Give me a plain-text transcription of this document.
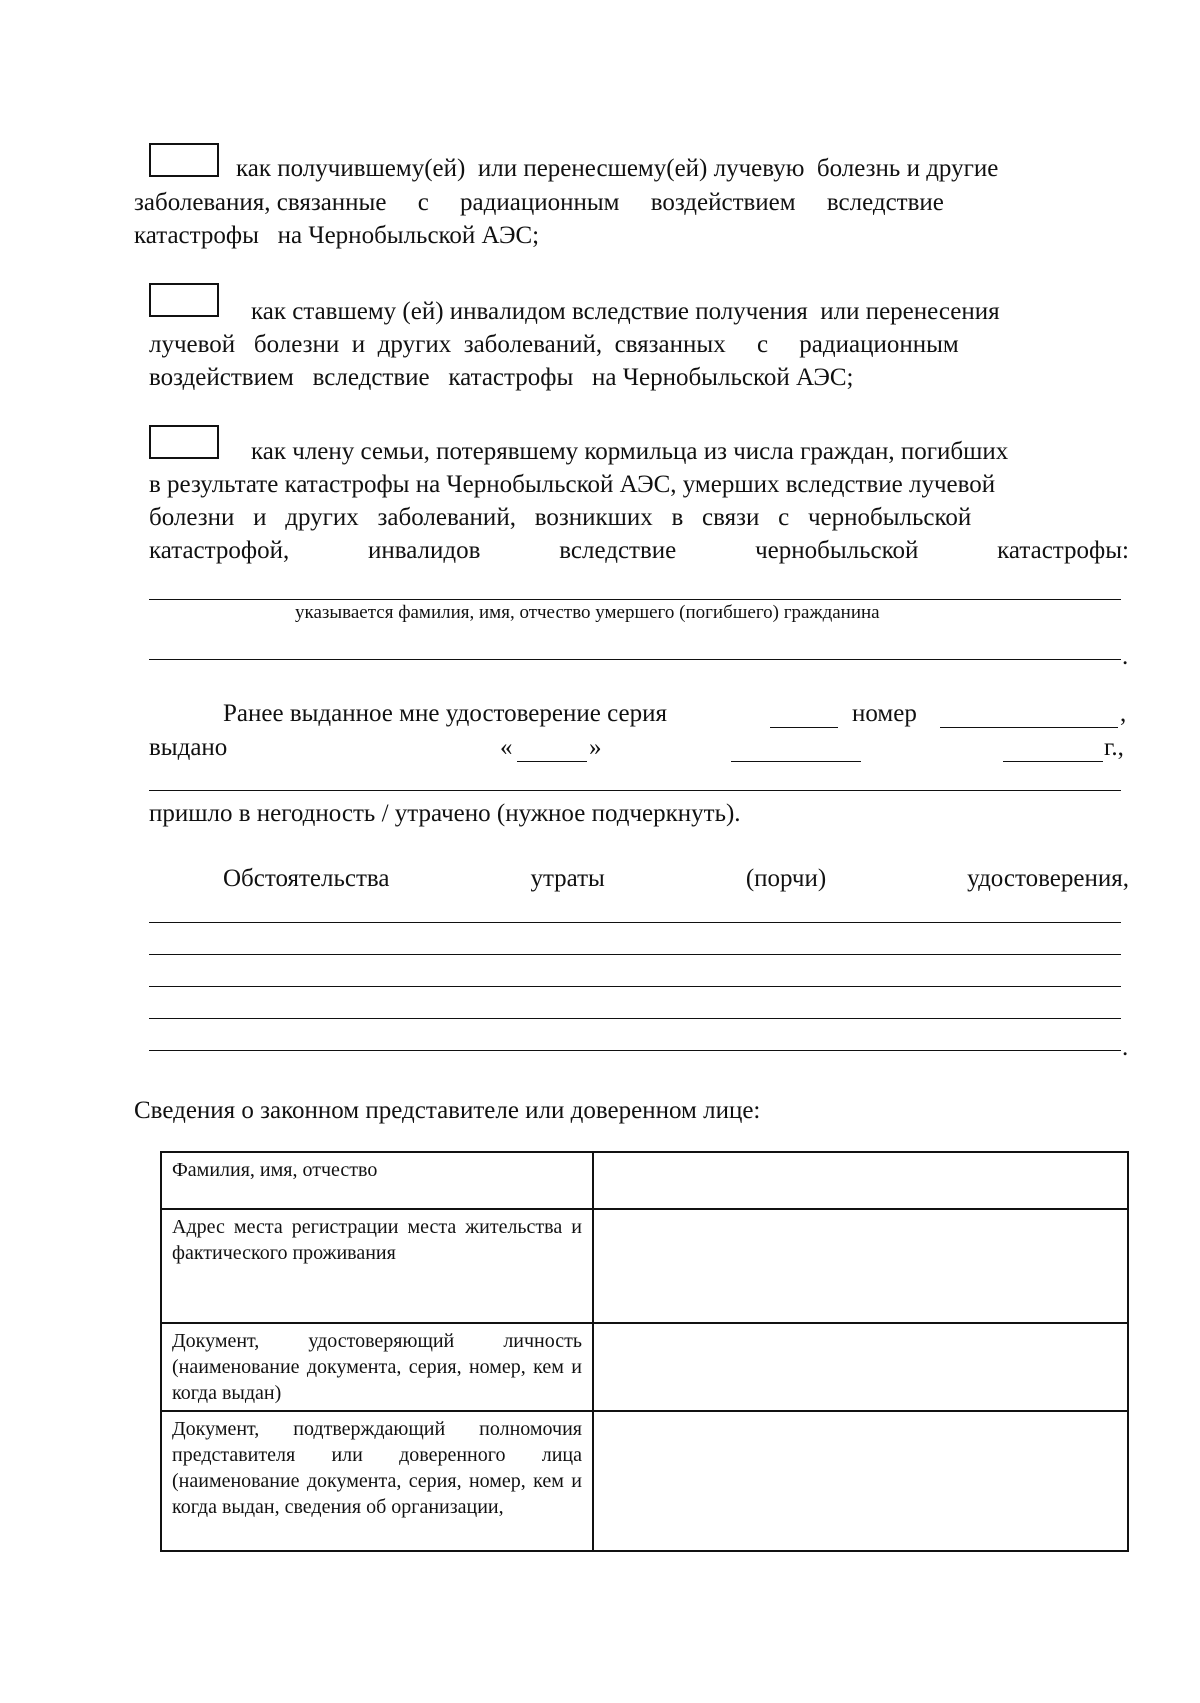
как получившему(ей)  или перенесшему(ей) лучевую  болезнь и другие
заболевания, связанные     с     радиационным     воздействием     вследствие
катастрофы   на Чернобыльской АЭС;
как ставшему (ей) инвалидом вследствие получения  или перенесения
лучевой   болезни  и  других  заболеваний,  связанных     с     радиационным
воздействием   вследствие   катастрофы   на Чернобыльской АЭС;
как члену семьи, потерявшему кормильца из числа граждан, погибших
в результате катастрофы на Чернобыльской АЭС, умерших вследствие лучевой
болезни   и   других   заболеваний,   возникших   в   связи   с   чернобыльской
катастрофой,	инвалидов	вследствие	чернобыльской	катастрофы:
указывается фамилия, имя, отчество умершего (погибшего) гражданина
.
Ранее выданное мне удостоверение серия	номер	,
выдано	«	»	г.,
пришло в негодность / утрачено (нужное подчеркнуть).
Обстоятельства	утраты	(порчи)	удостоверения,
.
Сведения о законном представителе или доверенном лице:
Фамилия, имя, отчество	
Адрес места регистрации места жительства и фактического проживания	
Документ, удостоверяющий личность (наименование документа, серия, номер, кем и когда выдан)	
Документ, подтверждающий полномочия представителя или доверенного лица (наименование документа, серия, номер, кем и когда выдан, сведения об организации,	
